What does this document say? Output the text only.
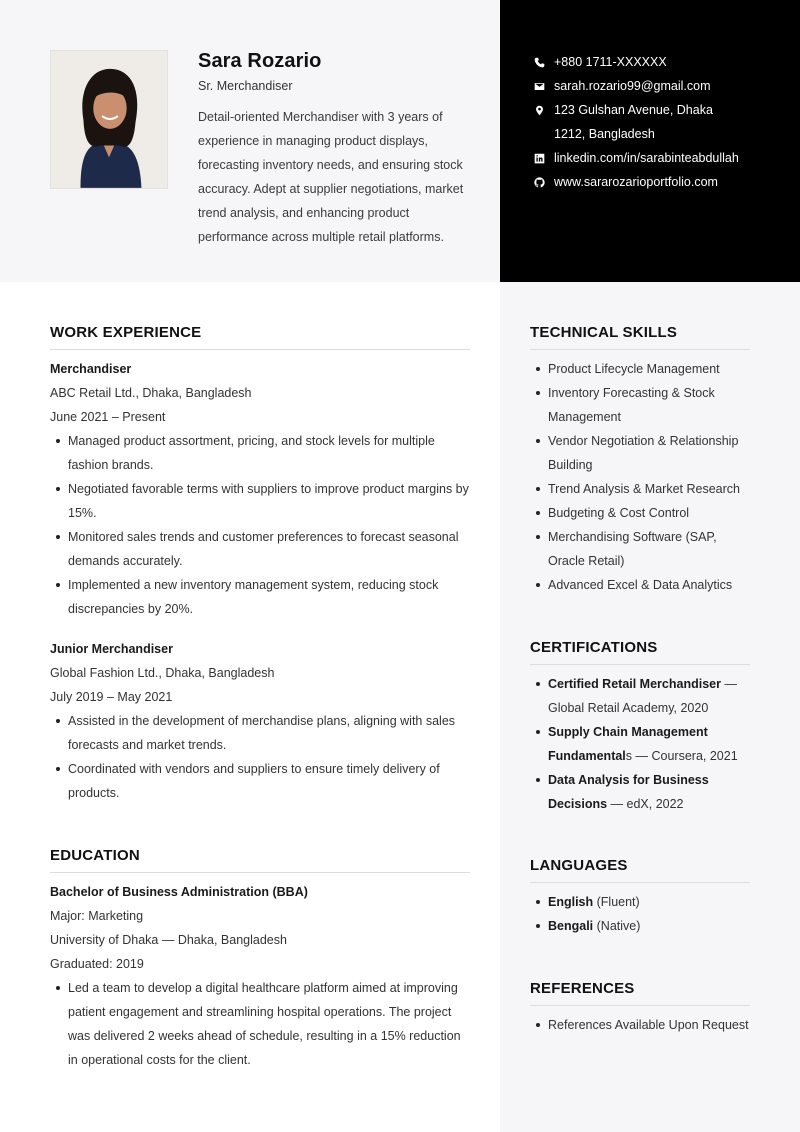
Sara Rozario
Sr. Merchandiser
Detail-oriented Merchandiser with 3 years of experience in managing product displays, forecasting inventory needs, and ensuring stock accuracy. Adept at supplier negotiations, market trend analysis, and enhancing product performance across multiple retail platforms.
+880 1711-XXXXXX
sarah.rozario99@gmail.com
123 Gulshan Avenue, Dhaka
1212, Bangladesh
linkedin.com/in/sarabinteabdullah
www.sararozarioportfolio.com
WORK EXPERIENCE
Merchandiser
ABC Retail Ltd., Dhaka, Bangladesh
June 2021 – Present
Managed product assortment, pricing, and stock levels for multiple fashion brands.
Negotiated favorable terms with suppliers to improve product margins by 15%.
Monitored sales trends and customer preferences to forecast seasonal demands accurately.
Implemented a new inventory management system, reducing stock discrepancies by 20%.
Junior Merchandiser
Global Fashion Ltd., Dhaka, Bangladesh
July 2019 – May 2021
Assisted in the development of merchandise plans, aligning with sales forecasts and market trends.
Coordinated with vendors and suppliers to ensure timely delivery of products.
EDUCATION
Bachelor of Business Administration (BBA)
Major: Marketing
University of Dhaka — Dhaka, Bangladesh
Graduated: 2019
Led a team to develop a digital healthcare platform aimed at improving patient engagement and streamlining hospital operations. The project was delivered 2 weeks ahead of schedule, resulting in a 15% reduction in operational costs for the client.
TECHNICAL SKILLS
Product Lifecycle Management
Inventory Forecasting & Stock Management
Vendor Negotiation & Relationship Building
Trend Analysis & Market Research
Budgeting & Cost Control
Merchandising Software (SAP, Oracle Retail)
Advanced Excel & Data Analytics
CERTIFICATIONS
Certified Retail Merchandiser — Global Retail Academy, 2020
Supply Chain Management Fundamentals — Coursera, 2021
Data Analysis for Business Decisions — edX, 2022
LANGUAGES
English (Fluent)
Bengali (Native)
REFERENCES
References Available Upon Request
